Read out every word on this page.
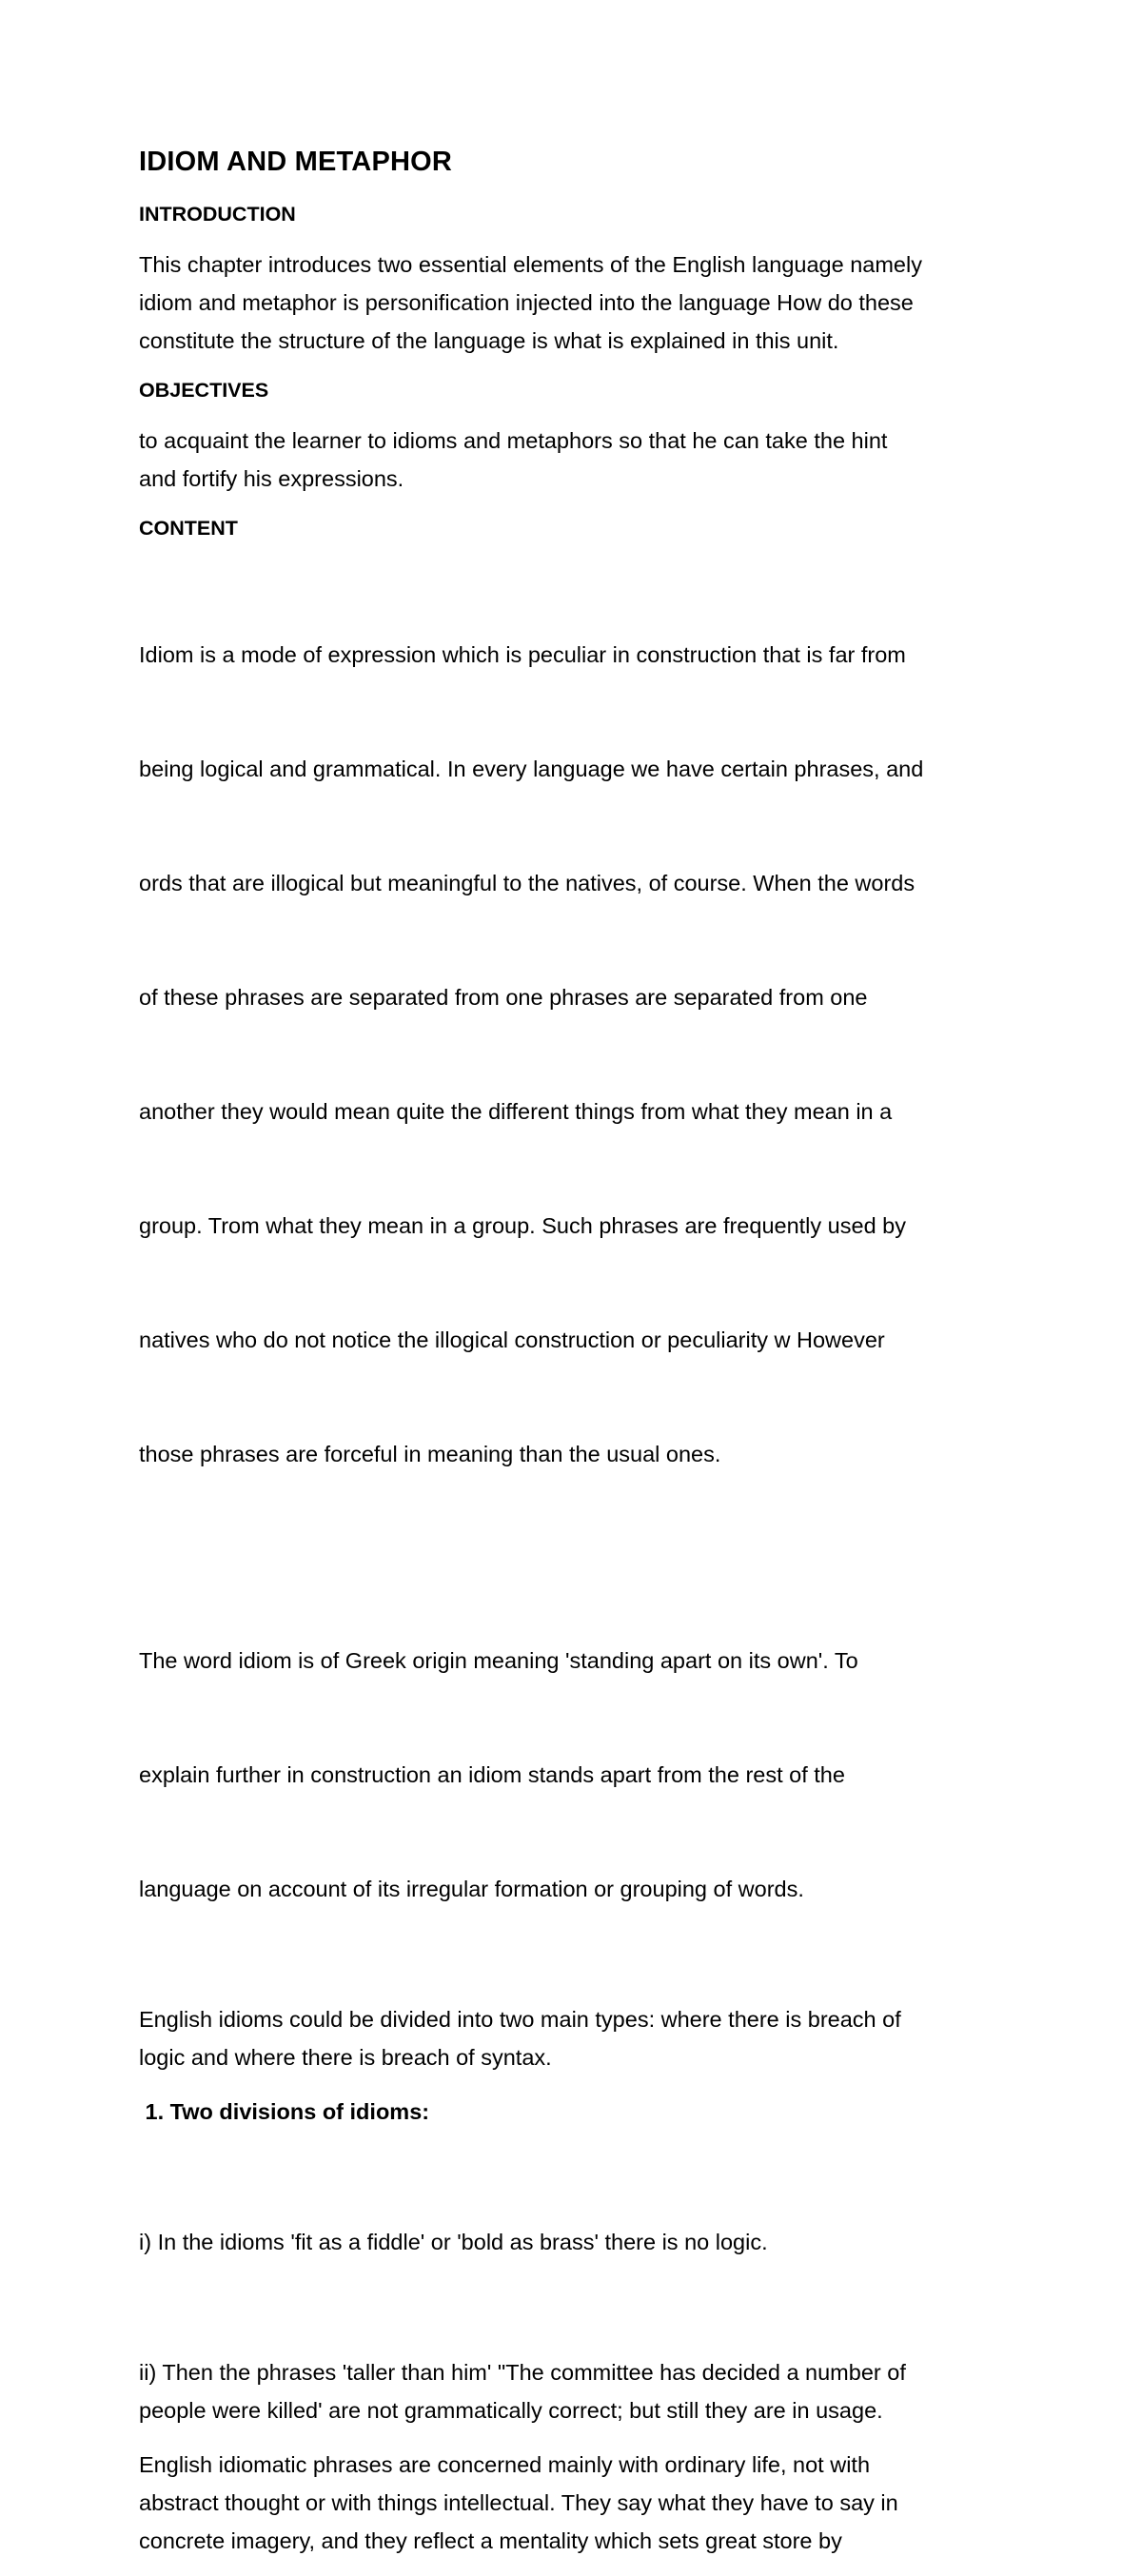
IDIOM AND METAPHOR
INTRODUCTION
This chapter introduces two essential elements of the English language namely
idiom and metaphor is personification injected into the language How do these
constitute the structure of the language is what is explained in this unit.
OBJECTIVES
to acquaint the learner to idioms and metaphors so that he can take the hint
and fortify his expressions.
CONTENT

Idiom is a mode of expression which is peculiar in construction that is far from

being logical and grammatical. In every language we have certain phrases, and

ords that are illogical but meaningful to the natives, of course. When the words

of these phrases are separated from one phrases are separated from one

another they would mean quite the different things from what they mean in a

group. Trom what they mean in a group. Such phrases are frequently used by

natives who do not notice the illogical construction or peculiarity w However

those phrases are forceful in meaning than the usual ones.

The word idiom is of Greek origin meaning 'standing apart on its own'. To

explain further in construction an idiom stands apart from the rest of the

language on account of its irregular formation or grouping of words.

English idioms could be divided into two main types: where there is breach of
logic and where there is breach of syntax.
1. Two divisions of idioms:

i) In the idioms 'fit as a fiddle' or 'bold as brass' there is no logic.

ii) Then the phrases 'taller than him' "The committee has decided a number of
people were killed' are not grammatically correct; but still they are in usage.
English idiomatic phrases are concerned mainly with ordinary life, not with
abstract thought or with things intellectual. They say what they have to say in
concrete imagery, and they reflect a mentality which sets great store by
